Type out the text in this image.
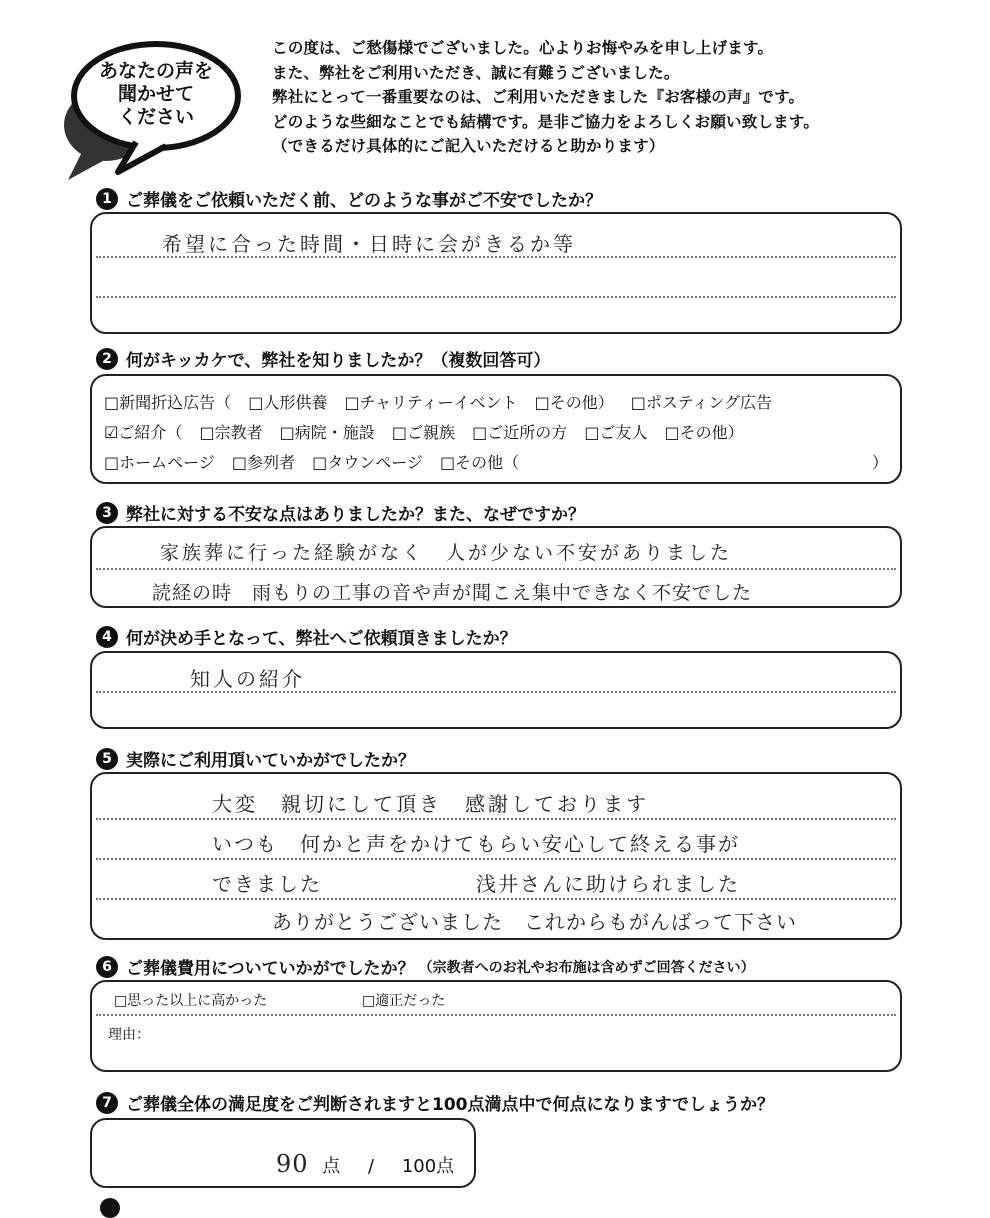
あなたの声を
聞かせて
ください
この度は、ご愁傷様でございました。心よりお悔やみを申し上げます。
また、弊社をご利用いただき、誠に有難うございました。
弊社にとって一番重要なのは、ご利用いただきました『お客様の声』です。
どのような些細なことでも結構です。是非ご協力をよろしくお願い致します。
（できるだけ具体的にご記入いただけると助かります）
1 ご葬儀をご依頼いただく前、どのような事がご不安でしたか？
希望に合った時間・日時に会がきるか等
2 何がキッカケで、弊社を知りましたか？（複数回答可）
□新聞折込広告（ □人形供養 □チャリティーイベント □その他） □ポスティング広告
☑ご紹介（ □宗教者 □病院・施設 □ご親族 □ご近所の方 □ご友人 □その他）
□ホームページ □参列者 □タウンページ □その他（	）
3 弊社に対する不安な点はありましたか？また、なぜですか？
家族葬に行った経験がなく　人が少ない不安がありました
読経の時　雨もりの工事の音や声が聞こえ集中できなく不安でした
4 何が決め手となって、弊社へご依頼頂きましたか？
知人の紹介
5 実際にご利用頂いていかがでしたか？
大変　親切にして頂き　感謝しております
いつも　何かと声をかけてもらい安心して終える事が
できました　　　　　　　浅井さんに助けられました
ありがとうございました　これからもがんばって下さい
6 ご葬儀費用についていかがでしたか？ （宗教者へのお礼やお布施は含めずご回答ください）
□思った以上に高かった	□適正だった
理由：
7 ご葬儀全体の満足度をご判断されますと100点満点中で何点になりますでしょうか？
90 点 / 100点
